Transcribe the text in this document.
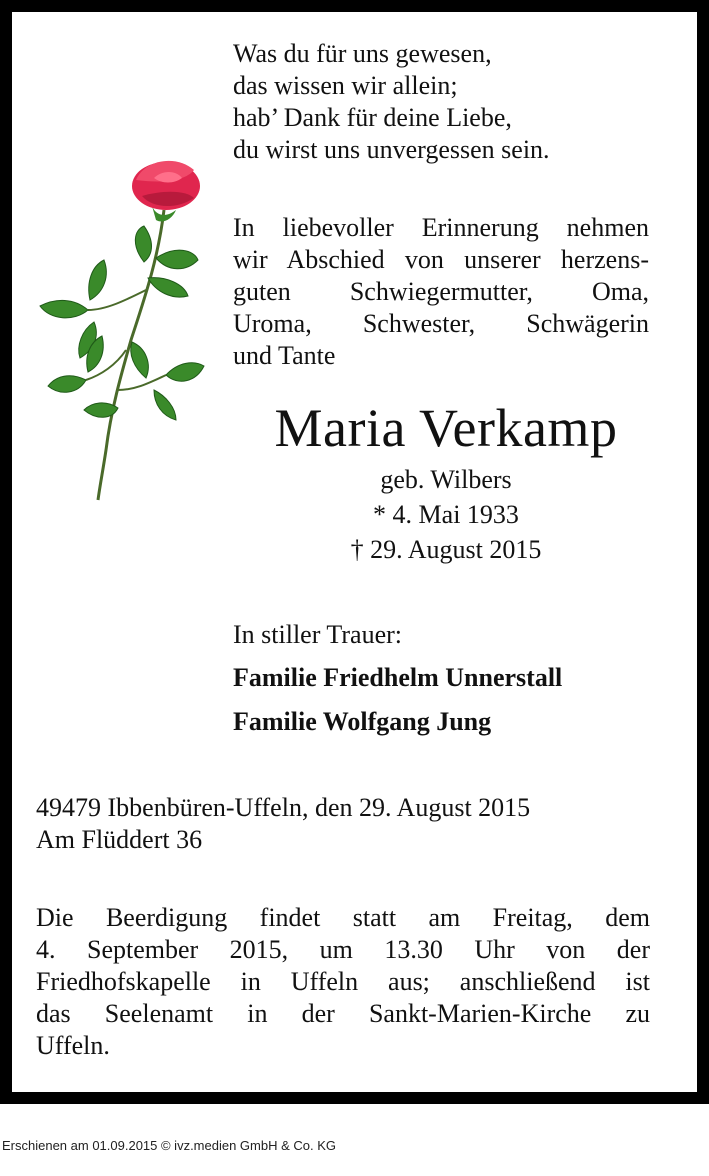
Was du für uns gewesen,
das wissen wir allein;
hab’ Dank für deine Liebe,
du wirst uns unvergessen sein.
In liebevoller Erinnerung nehmen
wir Abschied von unserer herzens-
guten Schwiegermutter, Oma,
Uroma, Schwester, Schwägerin
und Tante
Maria Verkamp
geb. Wilbers
* 4. Mai 1933
† 29. August 2015
In stiller Trauer:
Familie Friedhelm Unnerstall
Familie Wolfgang Jung
49479 Ibbenbüren-Uffeln, den 29. August 2015
Am Flüddert 36
Die Beerdigung findet statt am Freitag, dem
4. September 2015, um 13.30 Uhr von der
Friedhofskapelle in Uffeln aus; anschließend ist
das Seelenamt in der Sankt-Marien-Kirche zu
Uffeln.
Erschienen am 01.09.2015 © ivz.medien GmbH & Co. KG
